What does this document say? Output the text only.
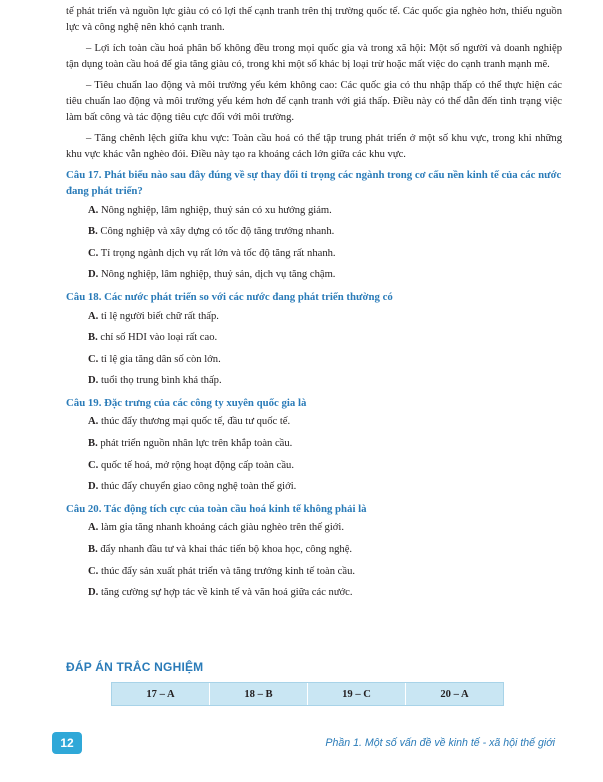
tế phát triển và nguồn lực giàu có có lợi thế cạnh tranh trên thị trường quốc tế. Các quốc gia nghèo hơn, thiếu nguồn lực và công nghệ nên khó cạnh tranh.

– Lợi ích toàn cầu hoá phân bố không đều trong mọi quốc gia và trong xã hội: Một số người và doanh nghiệp tận dụng toàn cầu hoá để gia tăng giàu có, trong khi một số khác bị loại trừ hoặc mất việc do cạnh tranh mạnh mẽ.

– Tiêu chuẩn lao động và môi trường yếu kém không cao: Các quốc gia có thu nhập thấp có thể thực hiện các tiêu chuẩn lao động và môi trường yếu kém hơn để cạnh tranh với giá thấp. Điều này có thể dẫn đến tình trạng việc làm bất công và tác động tiêu cực đối với môi trường.

– Tăng chênh lệch giữa khu vực: Toàn cầu hoá có thể tập trung phát triển ở một số khu vực, trong khi những khu vực khác vẫn nghèo đói. Điều này tạo ra khoảng cách lớn giữa các khu vực.

Câu 17. Phát biểu nào sau đây đúng về sự thay đổi tỉ trọng các ngành trong cơ cấu nền kinh tế của các nước đang phát triển?
A. Nông nghiệp, lâm nghiệp, thuỷ sản có xu hướng giảm.
B. Công nghiệp và xây dựng có tốc độ tăng trưởng nhanh.
C. Tỉ trọng ngành dịch vụ rất lớn và tốc độ tăng rất nhanh.
D. Nông nghiệp, lâm nghiệp, thuỷ sản, dịch vụ tăng chậm.
Câu 18. Các nước phát triển so với các nước đang phát triển thường có
A. tỉ lệ người biết chữ rất thấp.
B. chỉ số HDI vào loại rất cao.
C. tỉ lệ gia tăng dân số còn lớn.
D. tuổi thọ trung bình khá thấp.
Câu 19. Đặc trưng của các công ty xuyên quốc gia là
A. thúc đẩy thương mại quốc tế, đầu tư quốc tế.
B. phát triển nguồn nhân lực trên khắp toàn cầu.
C. quốc tế hoá, mở rộng hoạt động cấp toàn cầu.
D. thúc đẩy chuyển giao công nghệ toàn thế giới.
Câu 20. Tác động tích cực của toàn cầu hoá kinh tế không phải là
A. làm gia tăng nhanh khoảng cách giàu nghèo trên thế giới.
B. đẩy nhanh đầu tư và khai thác tiến bộ khoa học, công nghệ.
C. thúc đẩy sản xuất phát triển và tăng trưởng kinh tế toàn cầu.
D. tăng cường sự hợp tác về kinh tế và văn hoá giữa các nước.
ĐÁP ÁN TRẮC NGHIỆM
17 – A	18 – B	19 – C	20 – A
12	Phần 1. Một số vấn đề về kinh tế - xã hội thế giới
